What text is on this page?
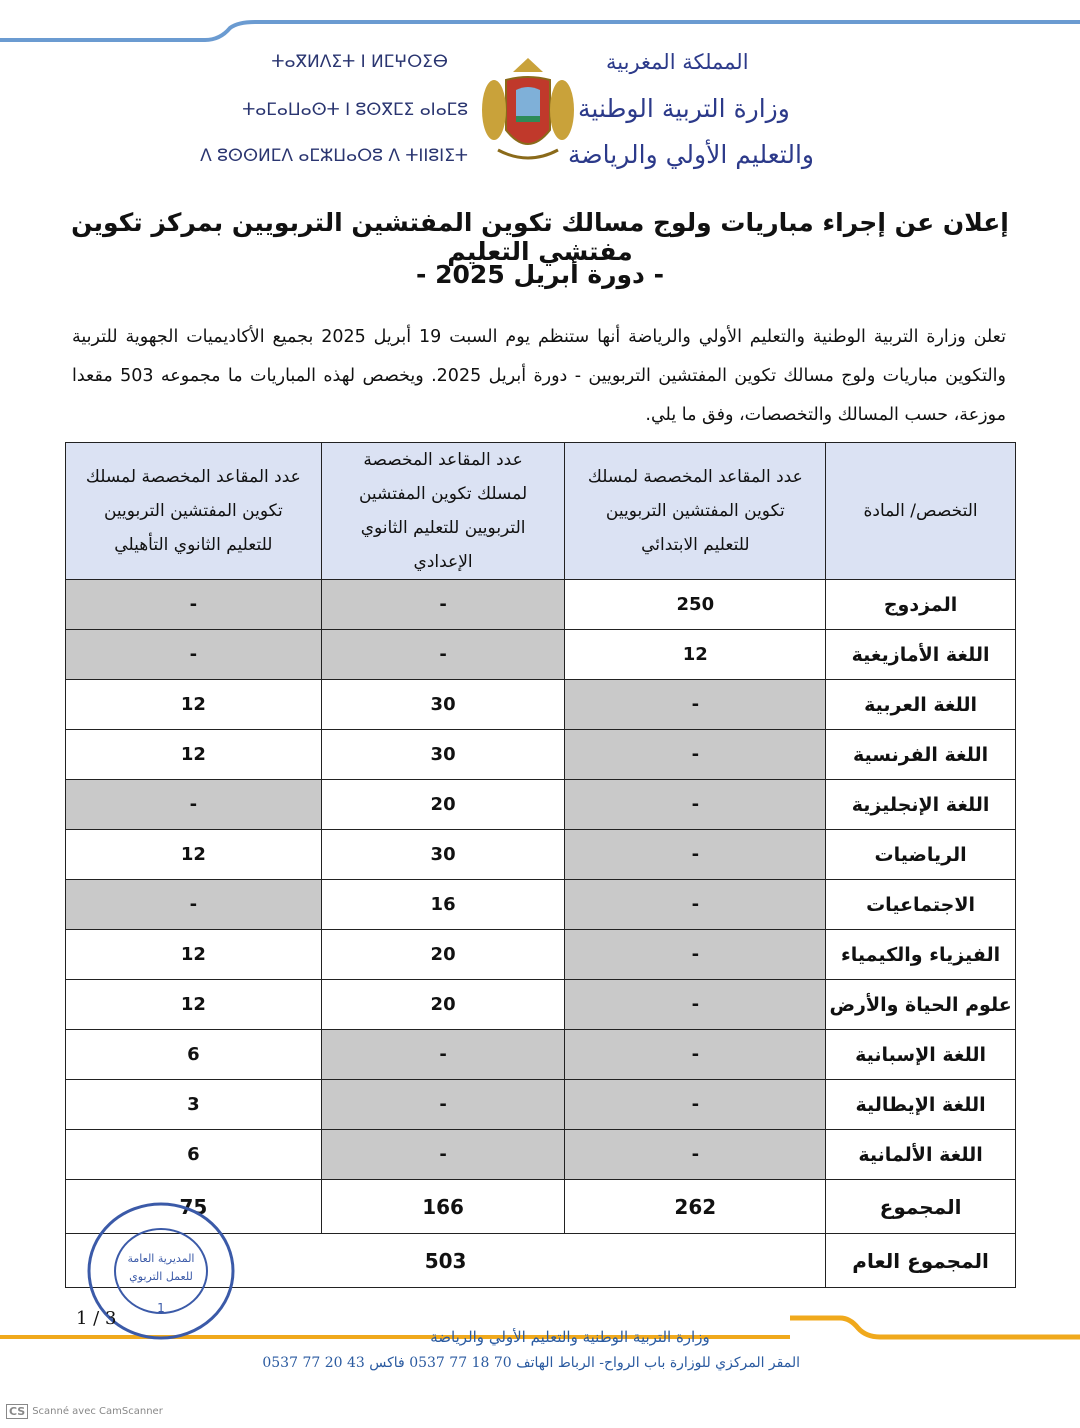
ⵜⴰⴳⵍⴷⵉⵜ ⵏ ⵍⵎⵖⵔⵉⴱ
ⵜⴰⵎⴰⵡⴰⵙⵜ ⵏ ⵓⵙⴳⵎⵉ ⴰⵏⴰⵎⵓ
ⴷ ⵓⵙⵙⵍⵎⴷ ⴰⵎⵣⵡⴰⵔⵓ ⴷ ⵜⵏⵏⵓⵏⵉⵜ
المملكة المغربية
وزارة التربية الوطنية
والتعليم الأولي والرياضة
إعلان عن إجراء مباريات ولوج مسالك تكوين المفتشين التربويين بمركز تكوين مفتشي التعليم
- دورة أبريل 2025 -

تعلن وزارة التربية الوطنية والتعليم الأولي والرياضة أنها ستنظم يوم السبت 19 أبريل 2025 بجميع الأكاديميات الجهوية للتربية والتكوين مباريات ولوج مسالك تكوين المفتشين التربويين - دورة أبريل 2025. ويخصص لهذه المباريات ما مجموعه 503 مقعدا موزعة، حسب المسالك والتخصصات، وفق ما يلي.

التخصص/ المادة	عدد المقاعد المخصصة لمسلك تكوين المفتشين التربويين للتعليم الابتدائي	عدد المقاعد المخصصة لمسلك تكوين المفتشين التربويين للتعليم الثانوي الإعدادي	عدد المقاعد المخصصة لمسلك تكوين المفتشين التربويين للتعليم الثانوي التأهيلي
المزدوج	250	-	-
اللغة الأمازيغية	12	-	-
اللغة العربية	-	30	12
اللغة الفرنسية	-	30	12
اللغة الإنجليزية	-	20	-
الرياضيات	-	30	12
الاجتماعيات	-	16	-
الفيزياء والكيمياء	-	20	12
علوم الحياة والأرض	-	20	12
اللغة الإسبانية	-	-	6
اللغة الإيطالية	-	-	3
اللغة الألمانية	-	-	6
المجموع	262	166	75
المجموع العام	503		
المديرية العامة
للعمل التربوي
1
1 / 3
وزارة التربية الوطنية والتعليم الأولي والرياضة
المقر المركزي للوزارة باب الرواح- الرباط الهاتف 70 18 77 0537 فاكس 43 20 77 0537
CS Scanné avec CamScanner
